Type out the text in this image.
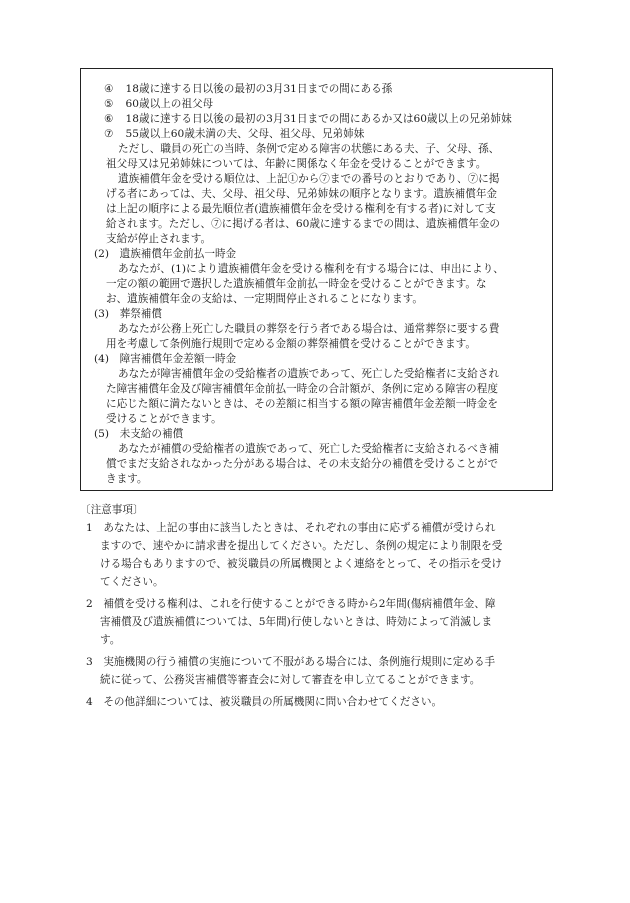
④ 18歳に達する日以後の最初の3月31日までの間にある孫
⑤ 60歳以上の祖父母
⑥ 18歳に達する日以後の最初の3月31日までの間にあるか又は60歳以上の兄弟姉妹
⑦ 55歳以上60歳未満の夫、父母、祖父母、兄弟姉妹
ただし、職員の死亡の当時、条例で定める障害の状態にある夫、子、父母、孫、
祖父母又は兄弟姉妹については、年齢に関係なく年金を受けることができます。
遺族補償年金を受ける順位は、上記①から⑦までの番号のとおりであり、⑦に掲
げる者にあっては、夫、父母、祖父母、兄弟姉妹の順序となります。遺族補償年金
は上記の順序による最先順位者(遺族補償年金を受ける権利を有する者)に対して支
給されます。ただし、⑦に掲げる者は、60歳に達するまでの間は、遺族補償年金の
支給が停止されます。
(2)　遺族補償年金前払一時金
あなたが、(1)により遺族補償年金を受ける権利を有する場合には、申出により、
一定の額の範囲で選択した遺族補償年金前払一時金を受けることができます。な
お、遺族補償年金の支給は、一定期間停止されることになります。
(3)　葬祭補償
あなたが公務上死亡した職員の葬祭を行う者である場合は、通常葬祭に要する費
用を考慮して条例施行規則で定める金額の葬祭補償を受けることができます。
(4)　障害補償年金差額一時金
あなたが障害補償年金の受給権者の遺族であって、死亡した受給権者に支給され
た障害補償年金及び障害補償年金前払一時金の合計額が、条例に定める障害の程度
に応じた額に満たないときは、その差額に相当する額の障害補償年金差額一時金を
受けることができます。
(5)　未支給の補償
あなたが補償の受給権者の遺族であって、死亡した受給権者に支給されるべき補
償でまだ支給されなかった分がある場合は、その未支給分の補償を受けることがで
きます。
〔注意事項〕
1　あなたは、上記の事由に該当したときは、それぞれの事由に応ずる補償が受けられ
ますので、速やかに請求書を提出してください。ただし、条例の規定により制限を受
ける場合もありますので、被災職員の所属機関とよく連絡をとって、その指示を受け
てください。
2　補償を受ける権利は、これを行使することができる時から2年間(傷病補償年金、障
害補償及び遺族補償については、5年間)行使しないときは、時効によって消滅しま
す。
3　実施機関の行う補償の実施について不服がある場合には、条例施行規則に定める手
続に従って、公務災害補償等審査会に対して審査を申し立てることができます。
4　その他詳細については、被災職員の所属機関に問い合わせてください。
